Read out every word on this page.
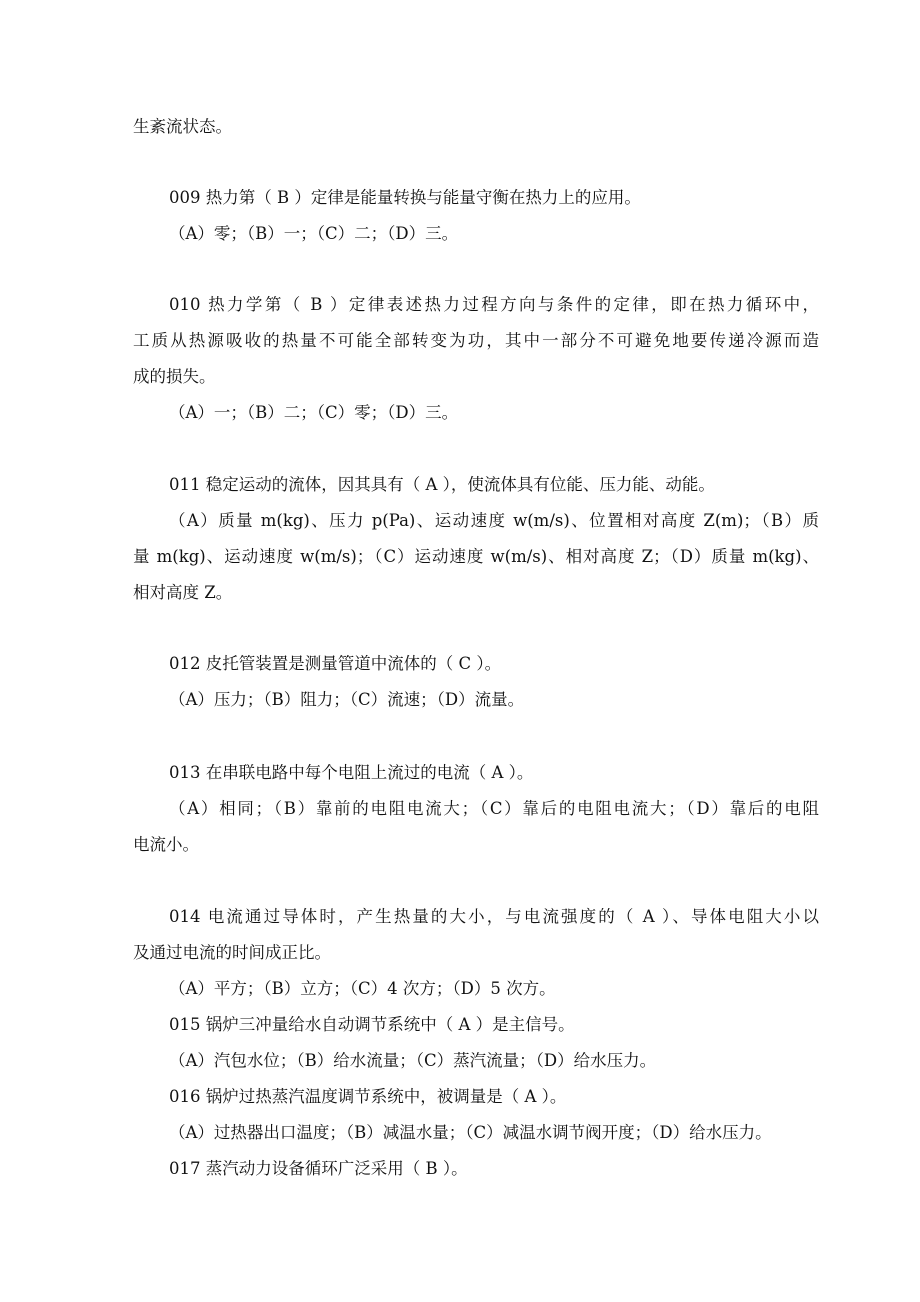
生紊流状态。
009 热力第（ B ）定律是能量转换与能量守衡在热力上的应用。
（A）零；（B）一；（C）二；（D）三。
010 热力学第（ B ）定律表述热力过程方向与条件的定律，即在热力循环中，
工质从热源吸收的热量不可能全部转变为功，其中一部分不可避免地要传递冷源而造
成的损失。
（A）一；（B）二；（C）零；（D）三。
011 稳定运动的流体，因其具有（ A ），使流体具有位能、压力能、动能。
（A）质量 m(kg)、压力 p(Pa)、运动速度 w(m/s)、位置相对高度 Z(m)；（B）质
量 m(kg)、运动速度 w(m/s)；（C）运动速度 w(m/s)、相对高度 Z；（D）质量 m(kg)、
相对高度 Z。
012 皮托管装置是测量管道中流体的（ C ）。
（A）压力；（B）阻力；（C）流速；（D）流量。
013 在串联电路中每个电阻上流过的电流（ A ）。
（A）相同；（B）靠前的电阻电流大；（C）靠后的电阻电流大；（D）靠后的电阻
电流小。
014 电流通过导体时，产生热量的大小，与电流强度的（ A ）、导体电阻大小以
及通过电流的时间成正比。
（A）平方；（B）立方；（C）4 次方；（D）5 次方。
015 锅炉三冲量给水自动调节系统中（ A ）是主信号。
（A）汽包水位；（B）给水流量；（C）蒸汽流量；（D）给水压力。
016 锅炉过热蒸汽温度调节系统中，被调量是（ A ）。
（A）过热器出口温度；（B）减温水量；（C）减温水调节阀开度；（D）给水压力。
017 蒸汽动力设备循环广泛采用（ B ）。
